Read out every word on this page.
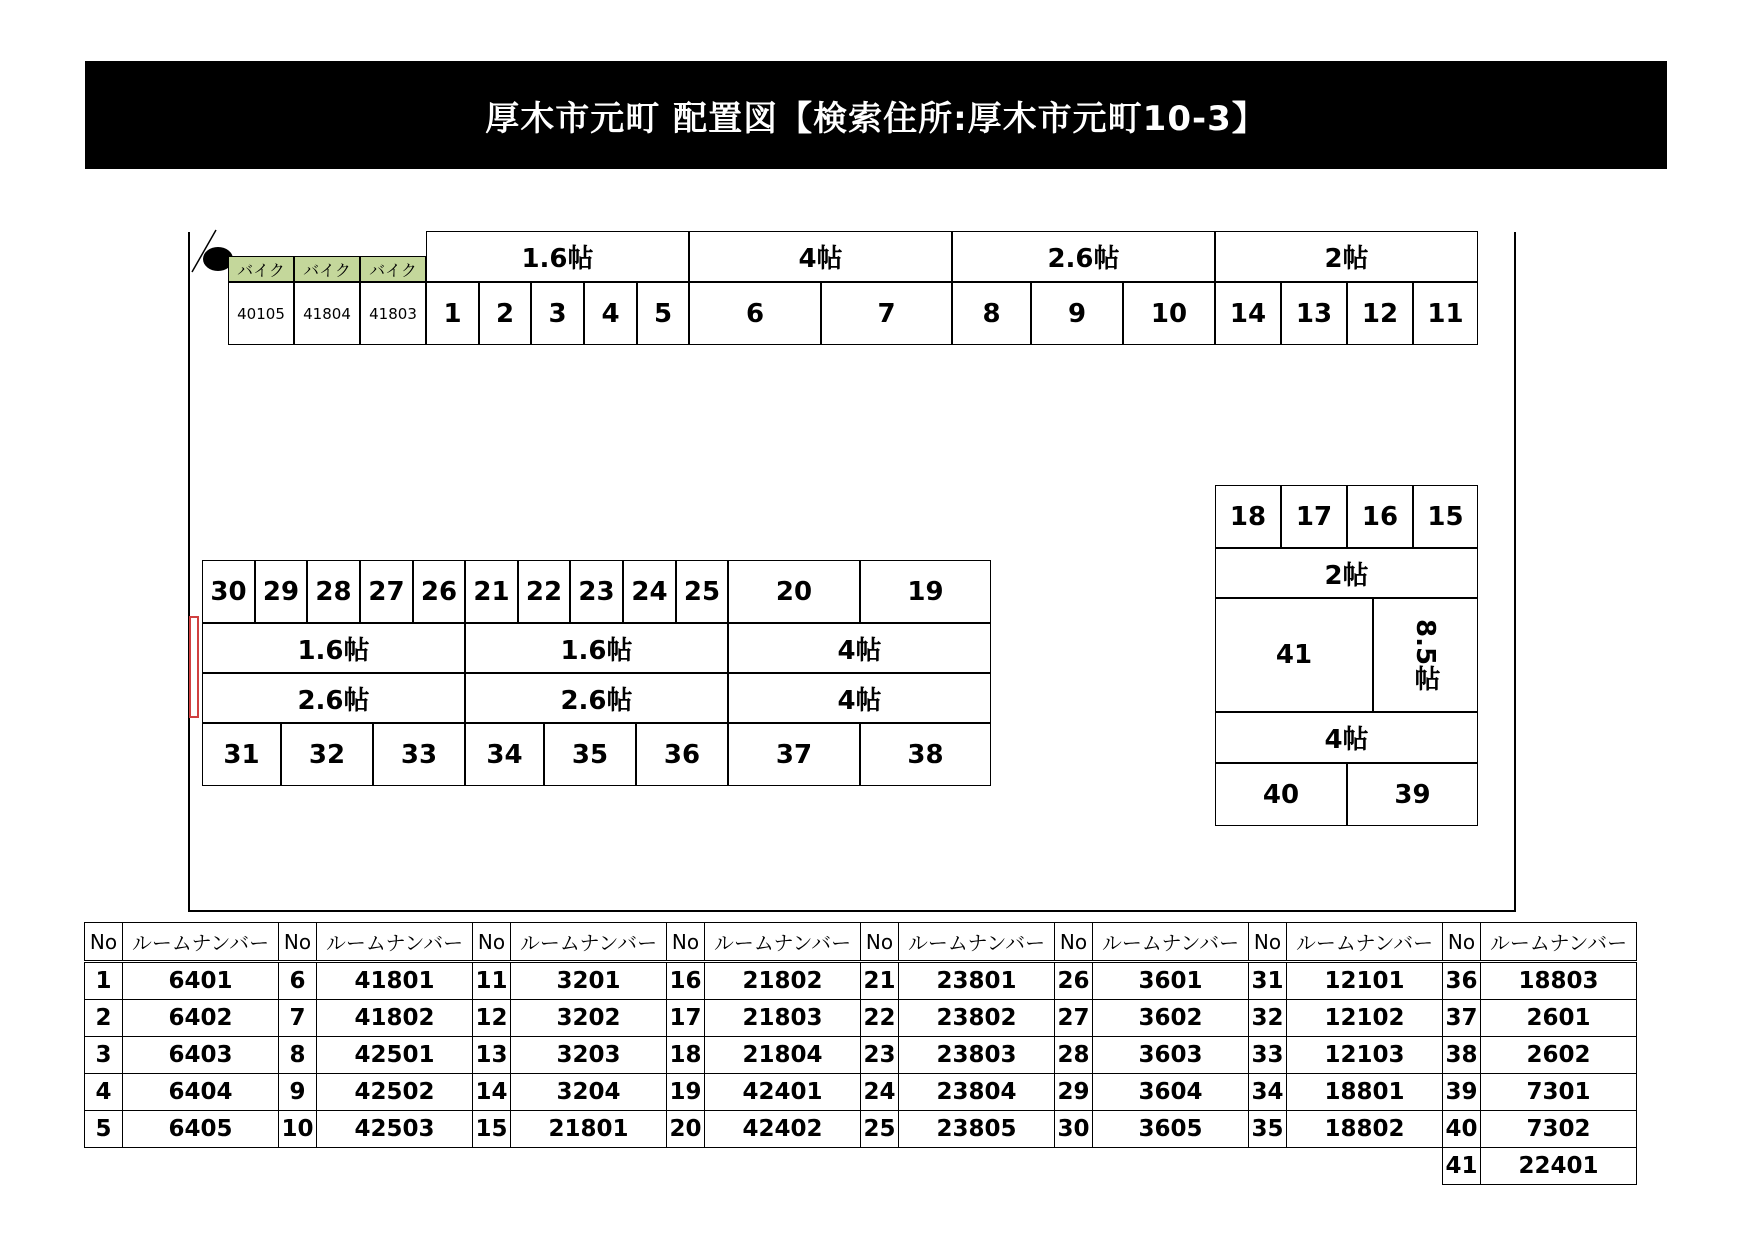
厚木市元町 配置図【検索住所:厚木市元町10-3】
バイク	バイク	バイク
40105	41804	41803
1.6帖	4帖	2.6帖	2帖
1	2	3	4	5	6	7	8	9	10	14	13	12	11
30 29 28 27 26 21 22 23 24 25	20	19
1.6帖	1.6帖	4帖
2.6帖	2.6帖	4帖
31	32	33	34	35	36	37	38
18	17	16	15
2帖
41	8.5帖
4帖
40	39
No	ルームナンバー	No	ルームナンバー	No	ルームナンバー	No	ルームナンバー	No	ルームナンバー	No	ルームナンバー	No	ルームナンバー	No	ルームナンバー
1	6401	6	41801	11	3201	16	21802	21	23801	26	3601	31	12101	36	18803
2	6402	7	41802	12	3202	17	21803	22	23802	27	3602	32	12102	37	2601
3	6403	8	42501	13	3203	18	21804	23	23803	28	3603	33	12103	38	2602
4	6404	9	42502	14	3204	19	42401	24	23804	29	3604	34	18801	39	7301
5	6405	10	42503	15	21801	20	42402	25	23805	30	3605	35	18802	40	7302
														41	22401
